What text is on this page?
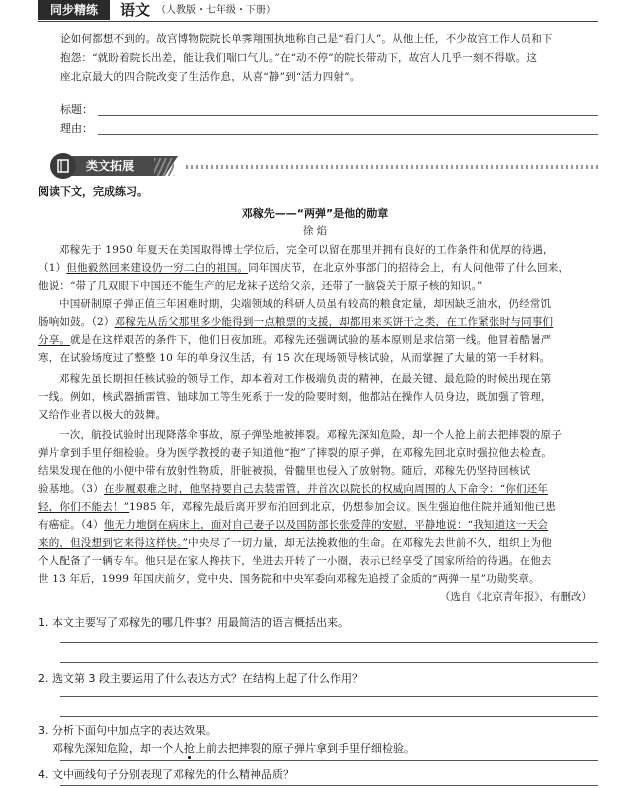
同步精练	语文 （人教版・七年级・下册）
论如何都想不到的。故宫博物院院长单霁翔围执地称自己是“看门人”。从他上任，不少故宫工作人员和下
抱怨：“就盼着院长出差，能让我们喘口气儿。”在“动不停”的院长带动下，故宫人几乎一刻不得歇。这
座北京最大的四合院改变了生活作息，从喜“静”到“活力四射”。
标题：
理由：
类文拓展
阅读下文，完成练习。
邓稼先——“两弹”是他的勋章
徐 焰
邓稼先于 1950 年夏天在美国取得博士学位后，完全可以留在那里并拥有良好的工作条件和优厚的待遇，
（1）但他毅然回来建设仍一穷二白的祖国。同年国庆节，在北京外事部门的招待会上，有人问他带了什么回来，
他说：“带了几双眼下中国还不能生产的尼龙袜子送给父亲，还带了一脑袋关于原子核的知识。”
中国研制原子弹正值三年困难时期，尖端领域的科研人员虽有较高的粮食定量，却因缺乏油水，仍经常饥
肠响如鼓。（2）邓稼先从岳父那里多少能得到一点粮票的支援，却都用来买饼干之类，在工作紧张时与同事们
分享。就是在这样艰苦的条件下，他们日夜加班。邓稼先还强调试验的基本原则是求信第一线。他冒着酷暑严
寒，在试验场度过了整整 10 年的单身汉生活，有 15 次在现场领导核试验，从而掌握了大量的第一手材料。
邓稼先虽长期担任核试验的领导工作，却本着对工作极端负责的精神，在最关键、最危险的时候出现在第
一线。例如，核武器插雷管、铀球加工等生死系于一发的险要时刻，他都站在操作人员身边，既加强了管理，
又给作业者以极大的鼓舞。
一次，航投试验时出现降落伞事故，原子弹坠地被摔裂。邓稼先深知危险，却一个人抢上前去把摔裂的原子
弹片拿到手里仔细检验。身为医学教授的妻子知道他“抱”了摔裂的原子弹，在邓稼先回北京时强拉他去检查。
结果发现在他的小便中带有放射性物质，肝脏被损，骨髓里也侵入了放射物。随后，邓稼先仍坚持回核试
验基地。（3）在步履艰难之时，他坚持要自己去装雷管，并首次以院长的权威向周围的人下命令：“你们还年
轻，你们不能去！”1985 年，邓稼先最后离开罗布泊回到北京，仍想参加会议。医生强迫他住院并通知他已患
有癌症。（4）他无力地倒在病床上，面对自己妻子以及国防部长张爱萍的安慰，平静地说：“我知道这一天会
来的，但没想到它来得这样快。”中央尽了一切力量，却无法挽救他的生命。在邓稼先去世前不久，组织上为他
个人配备了一辆专车。他只是在家人搀扶下，坐进去开转了一小圈，表示已经享受了国家所给的待遇。在他去
世 13 年后，1999 年国庆前夕，党中央、国务院和中央军委向邓稼先追授了金质的“两弹一星”功勋奖章。
（选自《北京青年报》，有删改）
1. 本文主要写了邓稼先的哪几件事？用最简洁的语言概括出来。
2. 选文第 3 段主要运用了什么表达方式？在结构上起了什么作用？
3. 分析下面句中加点字的表达效果。
邓稼先深知危险，却一个人抢上前去把摔裂的原子弹片拿到手里仔细检验。
4. 文中画线句子分别表现了邓稼先的什么精神品质？
